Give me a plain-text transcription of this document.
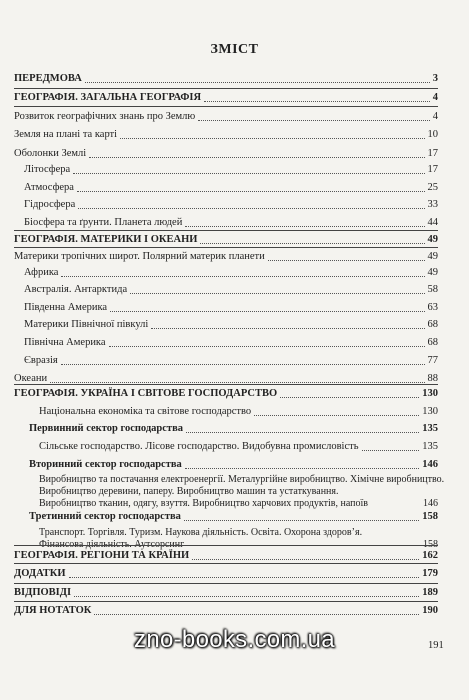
ЗМІСТ
ПЕРЕДМОВА	3
ГЕОГРАФІЯ. ЗАГАЛЬНА ГЕОГРАФІЯ	4
Розвиток географічних знань про Землю	4
Земля на плані та карті	10
Оболонки Землі	17
Літосфера	17
Атмосфера	25
Гідросфера	33
Біосфера та ґрунти. Планета людей	44
ГЕОГРАФІЯ. МАТЕРИКИ І ОКЕАНИ	49
Материки тропічних широт. Полярний материк планети	49
Африка	49
Австралія. Антарктида	58
Південна Америка	63
Материки Північної півкулі	68
Північна Америка	68
Євразія	77
Океани	88
ГЕОГРАФІЯ. УКРАЇНА І СВІТОВЕ ГОСПОДАРСТВО	130
Національна економіка та світове господарство	130
Первинний сектор господарства	135
Сільське господарство. Лісове господарство. Видобувна промисловість	135
Вторинний сектор господарства	146
Виробництво та постачання електроенергії. Металургійне виробництво. Хімічне виробництво.
Виробництво деревини, паперу. Виробництво машин та устаткування.
Виробництво тканин, одягу, взуття. Виробництво харчових продуктів, напоїв	146
Третинний сектор господарства	158
Транспорт. Торгівля. Туризм. Наукова діяльність. Освіта. Охорона здоров’я.
Фінансова діяльність. Аутсорсинг	158
ГЕОГРАФІЯ. РЕГІОНИ ТА КРАЇНИ	162
ДОДАТКИ	179
ВІДПОВІДІ	189
ДЛЯ НОТАТОК	190
zno-books.com.ua	191
